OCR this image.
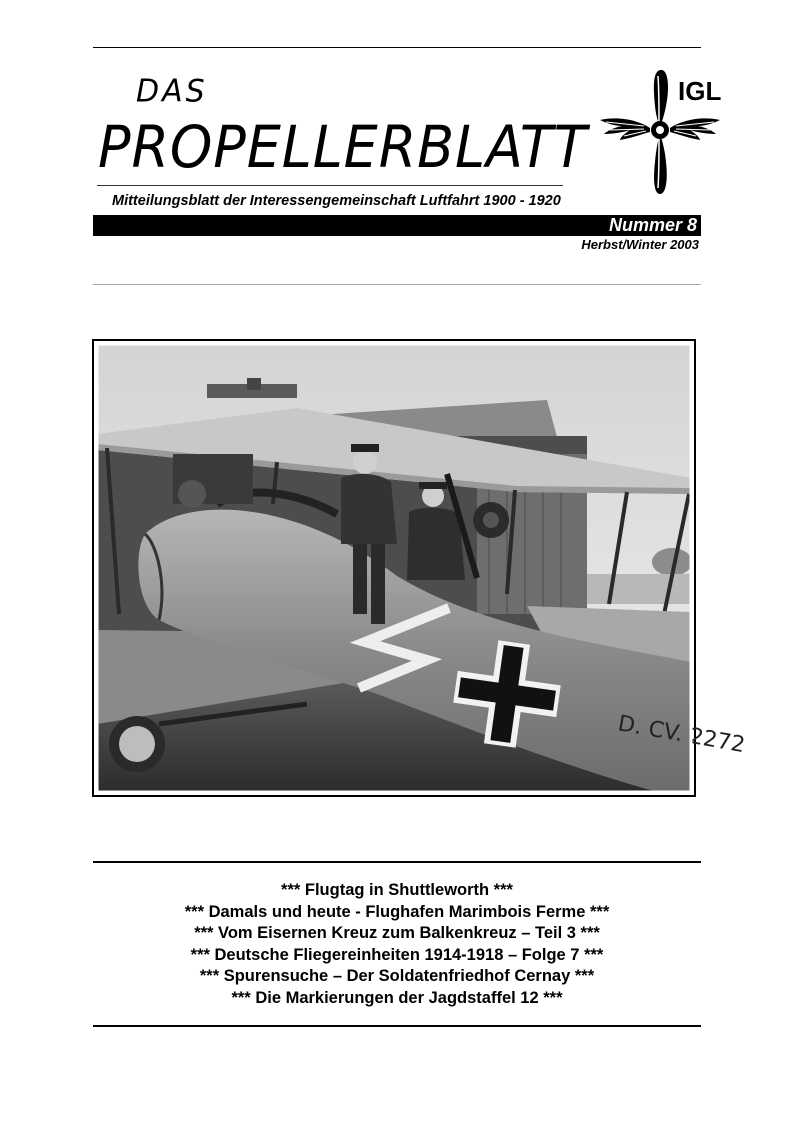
DAS
PROPELLERBLATT
Mitteilungsblatt der Interessengemeinschaft Luftfahrt 1900 - 1920
IGL
Nummer 8
Herbst/Winter 2003
D. CV. 2272
*** Flugtag in Shuttleworth ***
*** Damals und heute - Flughafen Marimbois Ferme ***
*** Vom Eisernen Kreuz zum Balkenkreuz – Teil 3 ***
*** Deutsche Fliegereinheiten 1914-1918 – Folge 7 ***
*** Spurensuche – Der Soldatenfriedhof Cernay ***
*** Die Markierungen der Jagdstaffel 12 ***
